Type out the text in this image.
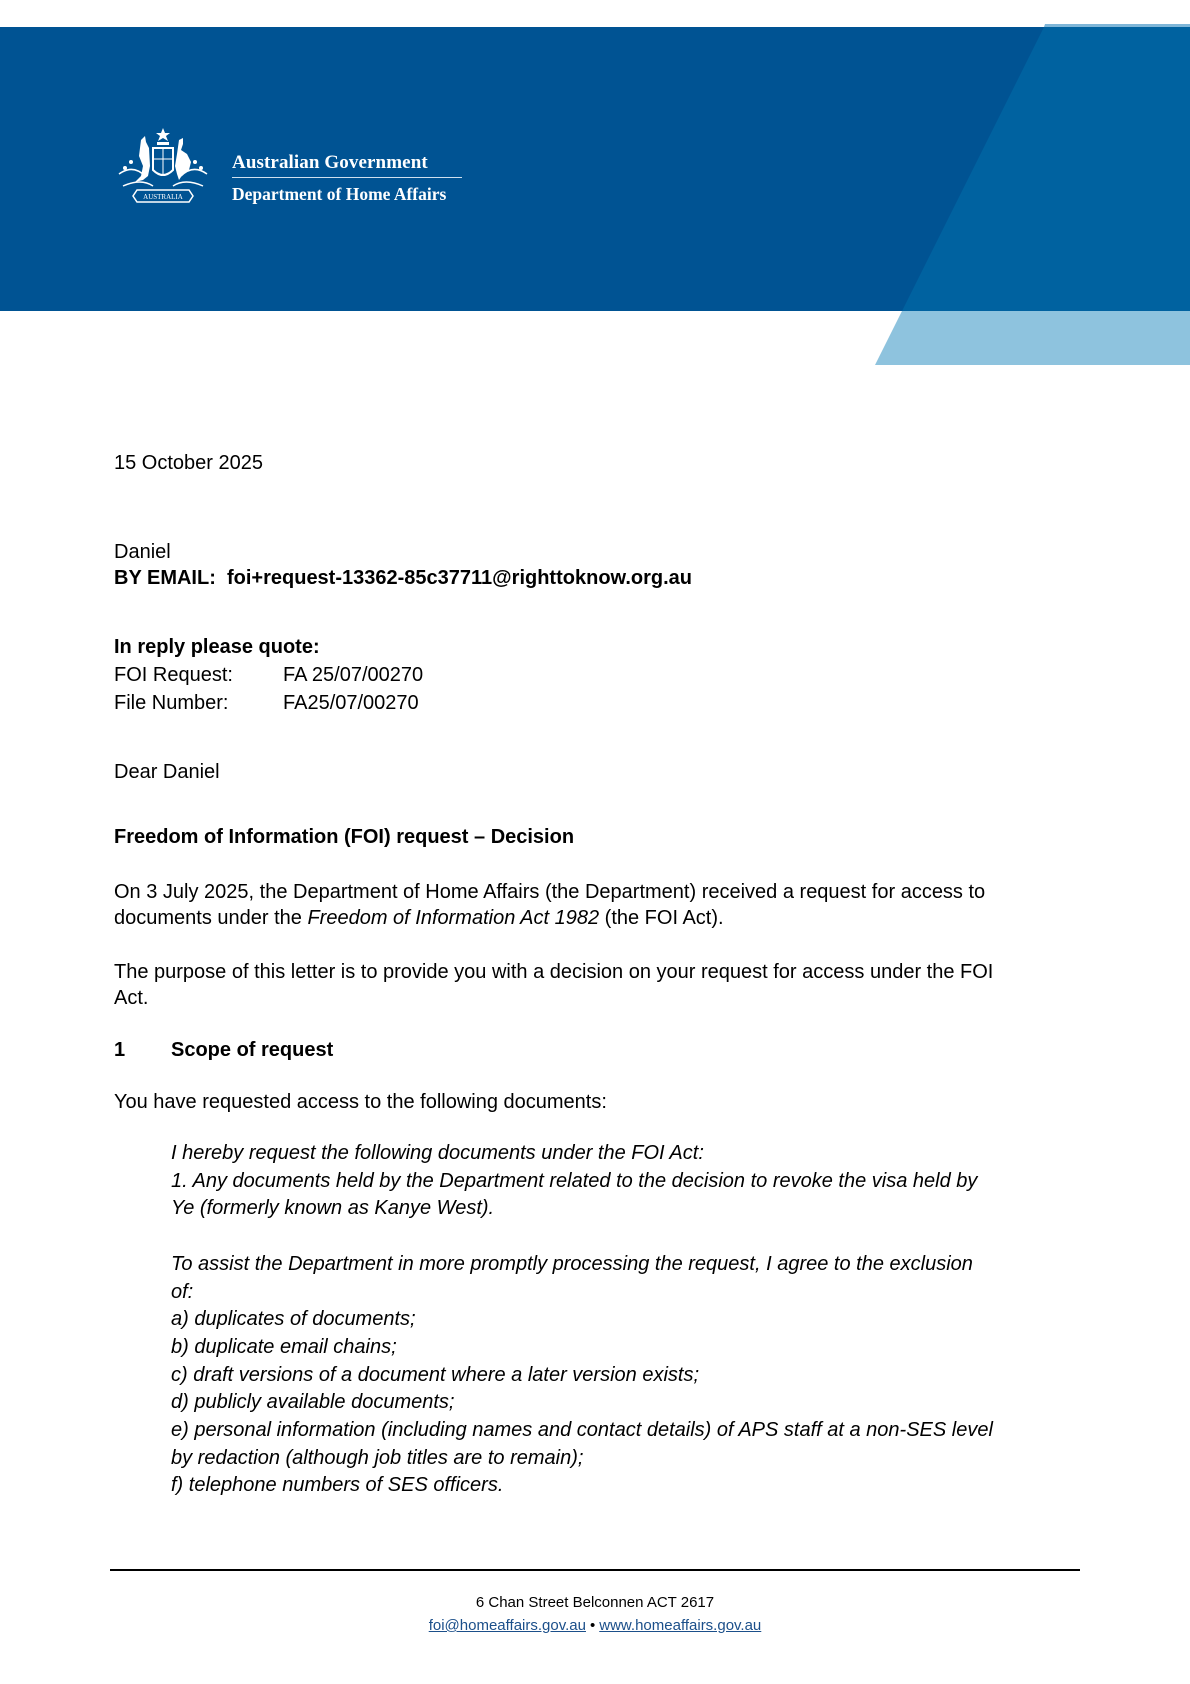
AUSTRALIA
Australian Government
Department of Home Affairs
15 October 2025
Daniel
BY EMAIL: foi+request-13362-85c37711@righttoknow.org.au
In reply please quote:
FOI Request:	FA 25/07/00270
File Number:	FA25/07/00270
Dear Daniel
Freedom of Information (FOI) request – Decision
On 3 July 2025, the Department of Home Affairs (the Department) received a request for access to
documents under the Freedom of Information Act 1982 (the FOI Act).
The purpose of this letter is to provide you with a decision on your request for access under the FOI
Act.
1 Scope of request
You have requested access to the following documents:
I hereby request the following documents under the FOI Act:
1. Any documents held by the Department related to the decision to revoke the visa held by
Ye (formerly known as Kanye West).
To assist the Department in more promptly processing the request, I agree to the exclusion
of:
a) duplicates of documents;
b) duplicate email chains;
c) draft versions of a document where a later version exists;
d) publicly available documents;
e) personal information (including names and contact details) of APS staff at a non-SES level
by redaction (although job titles are to remain);
f) telephone numbers of SES officers.
6 Chan Street Belconnen ACT 2617
foi@homeaffairs.gov.au • www.homeaffairs.gov.au
